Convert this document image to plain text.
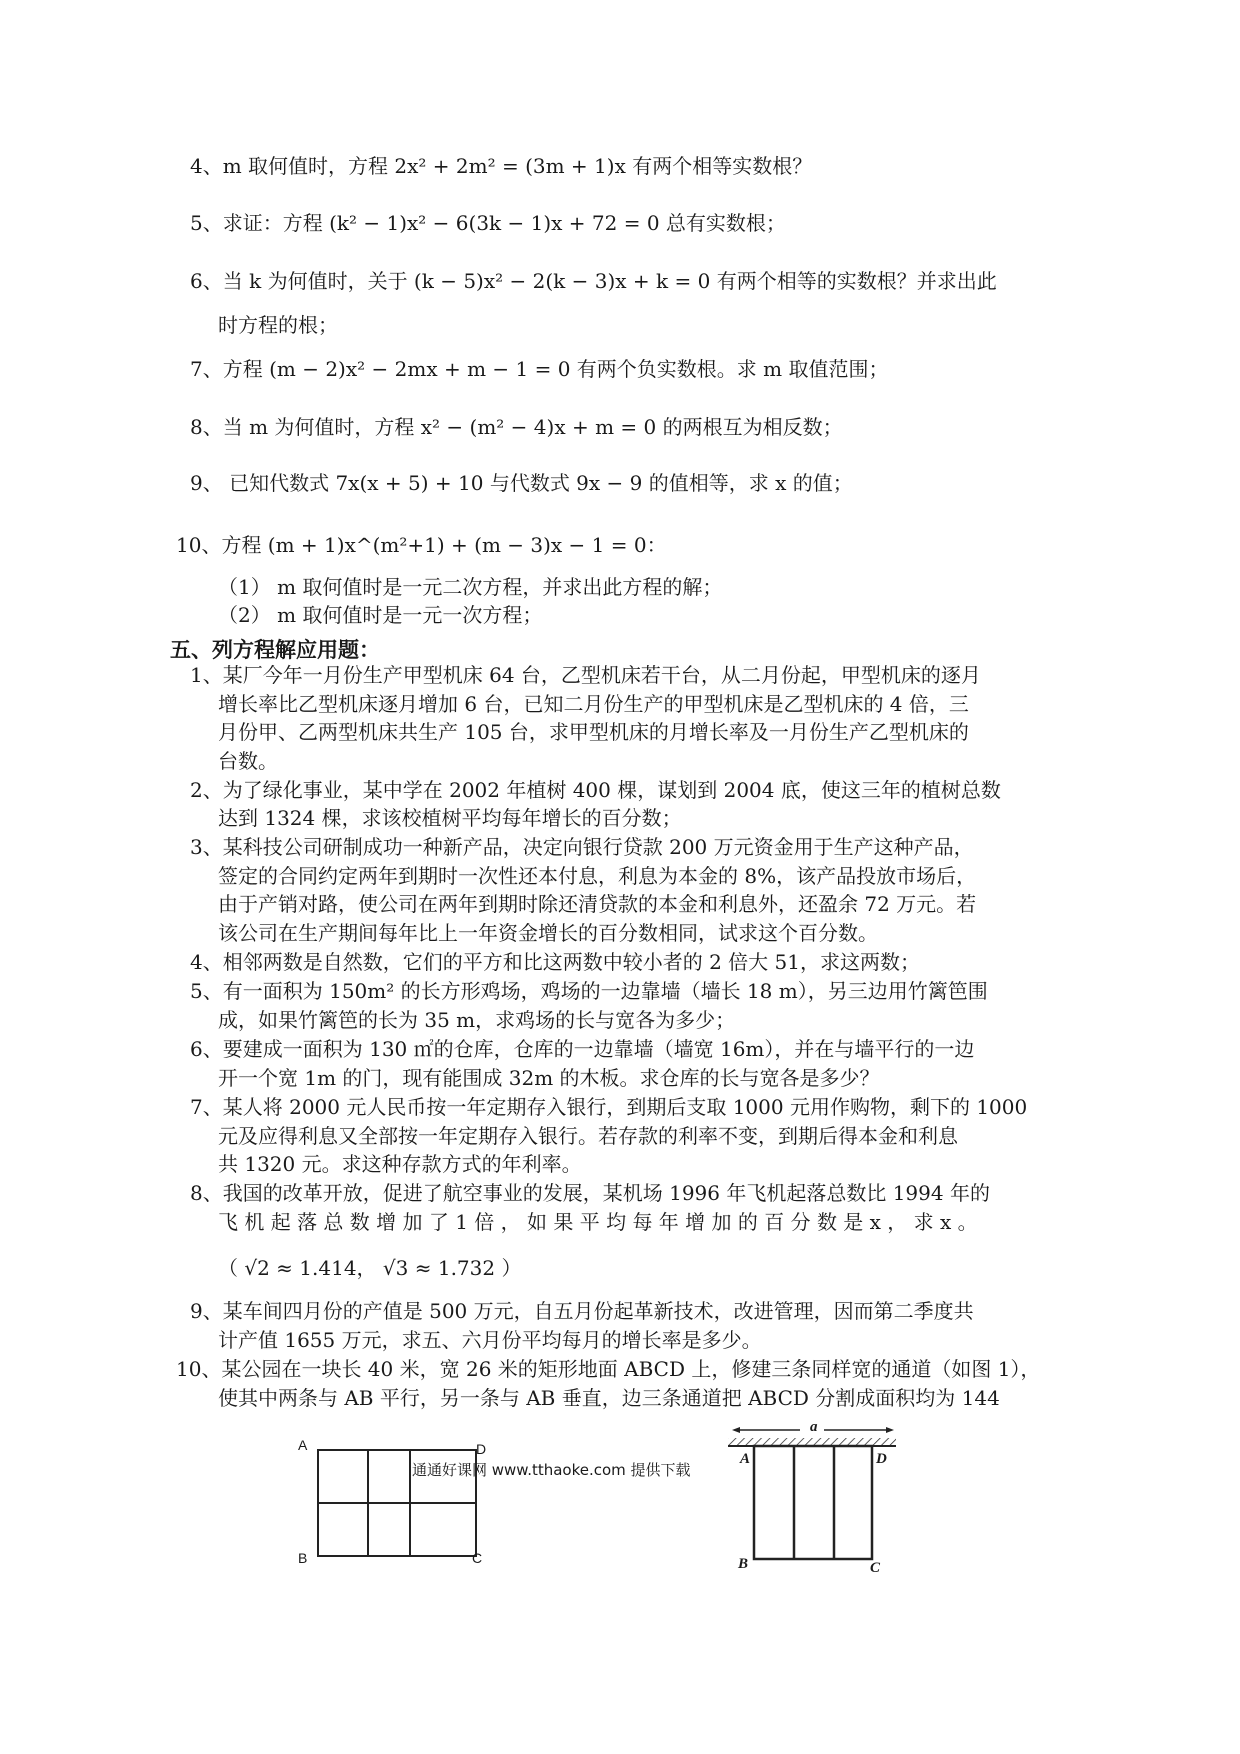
4、m 取何值时，方程 2x² + 2m² = (3m + 1)x 有两个相等实数根？
5、求证：方程 (k² − 1)x² − 6(3k − 1)x + 72 = 0 总有实数根；
6、当 k 为何值时，关于 (k − 5)x² − 2(k − 3)x + k = 0 有两个相等的实数根？并求出此
时方程的根；
7、方程 (m − 2)x² − 2mx + m − 1 = 0 有两个负实数根。求 m 取值范围；
8、当 m 为何值时，方程 x² − (m² − 4)x + m = 0 的两根互为相反数；
9、 已知代数式 7x(x + 5) + 10 与代数式 9x − 9 的值相等，求 x 的值；
10、方程 (m + 1)x^(m²+1) + (m − 3)x − 1 = 0：
（1） m 取何值时是一元二次方程，并求出此方程的解；
（2） m 取何值时是一元一次方程；
五、列方程解应用题：
1、某厂今年一月份生产甲型机床 64 台，乙型机床若干台，从二月份起，甲型机床的逐月
增长率比乙型机床逐月增加 6 台，已知二月份生产的甲型机床是乙型机床的 4 倍，三
月份甲、乙两型机床共生产 105 台，求甲型机床的月增长率及一月份生产乙型机床的
台数。
2、为了绿化事业，某中学在 2002 年植树 400 棵，谋划到 2004 底，使这三年的植树总数
达到 1324 棵，求该校植树平均每年增长的百分数；
3、某科技公司研制成功一种新产品，决定向银行贷款 200 万元资金用于生产这种产品，
签定的合同约定两年到期时一次性还本付息，利息为本金的 8%，该产品投放市场后，
由于产销对路，使公司在两年到期时除还清贷款的本金和利息外，还盈余 72 万元。若
该公司在生产期间每年比上一年资金增长的百分数相同，试求这个百分数。
4、相邻两数是自然数，它们的平方和比这两数中较小者的 2 倍大 51，求这两数；
5、有一面积为 150m² 的长方形鸡场，鸡场的一边靠墙（墙长 18 m），另三边用竹篱笆围
成，如果竹篱笆的长为 35 m，求鸡场的长与宽各为多少；
6、要建成一面积为 130 ㎡的仓库，仓库的一边靠墙（墙宽 16m），并在与墙平行的一边
开一个宽 1m 的门，现有能围成 32m 的木板。求仓库的长与宽各是多少？
7、某人将 2000 元人民币按一年定期存入银行，到期后支取 1000 元用作购物，剩下的 1000
元及应得利息又全部按一年定期存入银行。若存款的利率不变，到期后得本金和利息
共 1320 元。求这种存款方式的年利率。
8、我国的改革开放，促进了航空事业的发展，某机场 1996 年飞机起落总数比 1994 年的
飞 机 起 落 总 数 增 加 了 1 倍 ， 如 果 平 均 每 年 增 加 的 百 分 数 是 x ， 求 x 。
（ √2 ≈ 1.414， √3 ≈ 1.732 ）
9、某车间四月份的产值是 500 万元，自五月份起革新技术，改进管理，因而第二季度共
计产值 1655 万元，求五、六月份平均每月的增长率是多少。
10、某公园在一块长 40 米，宽 26 米的矩形地面 ABCD 上，修建三条同样宽的通道（如图 1），
使其中两条与 AB 平行，另一条与 AB 垂直，边三条通道把 ABCD 分割成面积均为 144
A	D
B	C
通通好课网 www.tthaoke.com 提供下载
a
A	D
B	C
